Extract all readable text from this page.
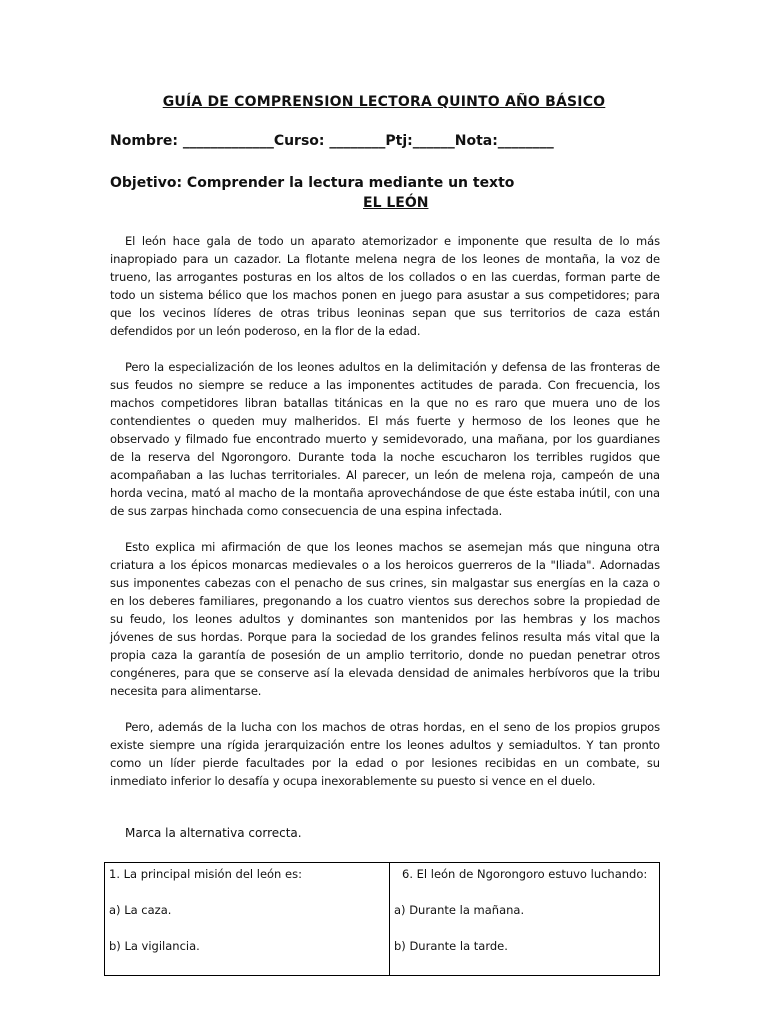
GUÍA DE COMPRENSION LECTORA QUINTO AÑO BÁSICO
Nombre: _____________Curso: ________Ptj:______Nota:________
Objetivo: Comprender la lectura mediante un texto
EL LEÓN
El león hace gala de todo un aparato atemorizador e imponente que resulta de lo más inapropiado para un cazador. La flotante melena negra de los leones de montaña, la voz de trueno, las arrogantes posturas en los altos de los collados o en las cuerdas, forman parte de todo un sistema bélico que los machos ponen en juego para asustar a sus competidores; para que los vecinos líderes de otras tribus leoninas sepan que sus territorios de caza están defendidos por un león poderoso, en la flor de la edad.
Pero la especialización de los leones adultos en la delimitación y defensa de las fronteras de sus feudos no siempre se reduce a las imponentes actitudes de parada. Con frecuencia, los machos competidores libran batallas titánicas en la que no es raro que muera uno de los contendientes o queden muy malheridos. El más fuerte y hermoso de los leones que he observado y filmado fue encontrado muerto y semidevorado, una mañana, por los guardianes de la reserva del Ngorongoro. Durante toda la noche escucharon los terribles rugidos que acompañaban a las luchas territoriales. Al parecer, un león de melena roja, campeón de una horda vecina, mató al macho de la montaña aprovechándose de que éste estaba inútil, con una de sus zarpas hinchada como consecuencia de una espina infectada.
Esto explica mi afirmación de que los leones machos se asemejan más que ninguna otra criatura a los épicos monarcas medievales o a los heroicos guerreros de la "Iliada". Adornadas sus imponentes cabezas con el penacho de sus crines, sin malgastar sus energías en la caza o en los deberes familiares, pregonando a los cuatro vientos sus derechos sobre la propiedad de su feudo, los leones adultos y dominantes son mantenidos por las hembras y los machos jóvenes de sus hordas. Porque para la sociedad de los grandes felinos resulta más vital que la propia caza la garantía de posesión de un amplio territorio, donde no puedan penetrar otros congéneres, para que se conserve así la elevada densidad de animales herbívoros que la tribu necesita para alimentarse.
Pero, además de la lucha con los machos de otras hordas, en el seno de los propios grupos existe siempre una rígida jerarquización entre los leones adultos y semiadultos. Y tan pronto como un líder pierde facultades por la edad o por lesiones recibidas en un combate, su inmediato inferior lo desafía y ocupa inexorablemente su puesto si vence en el duelo.
Marca la alternativa correcta.
1. La principal misión del león es:
a) La caza.
b) La vigilancia.

6. El león de Ngorongoro estuvo luchando:
a) Durante la mañana.
b) Durante la tarde.
